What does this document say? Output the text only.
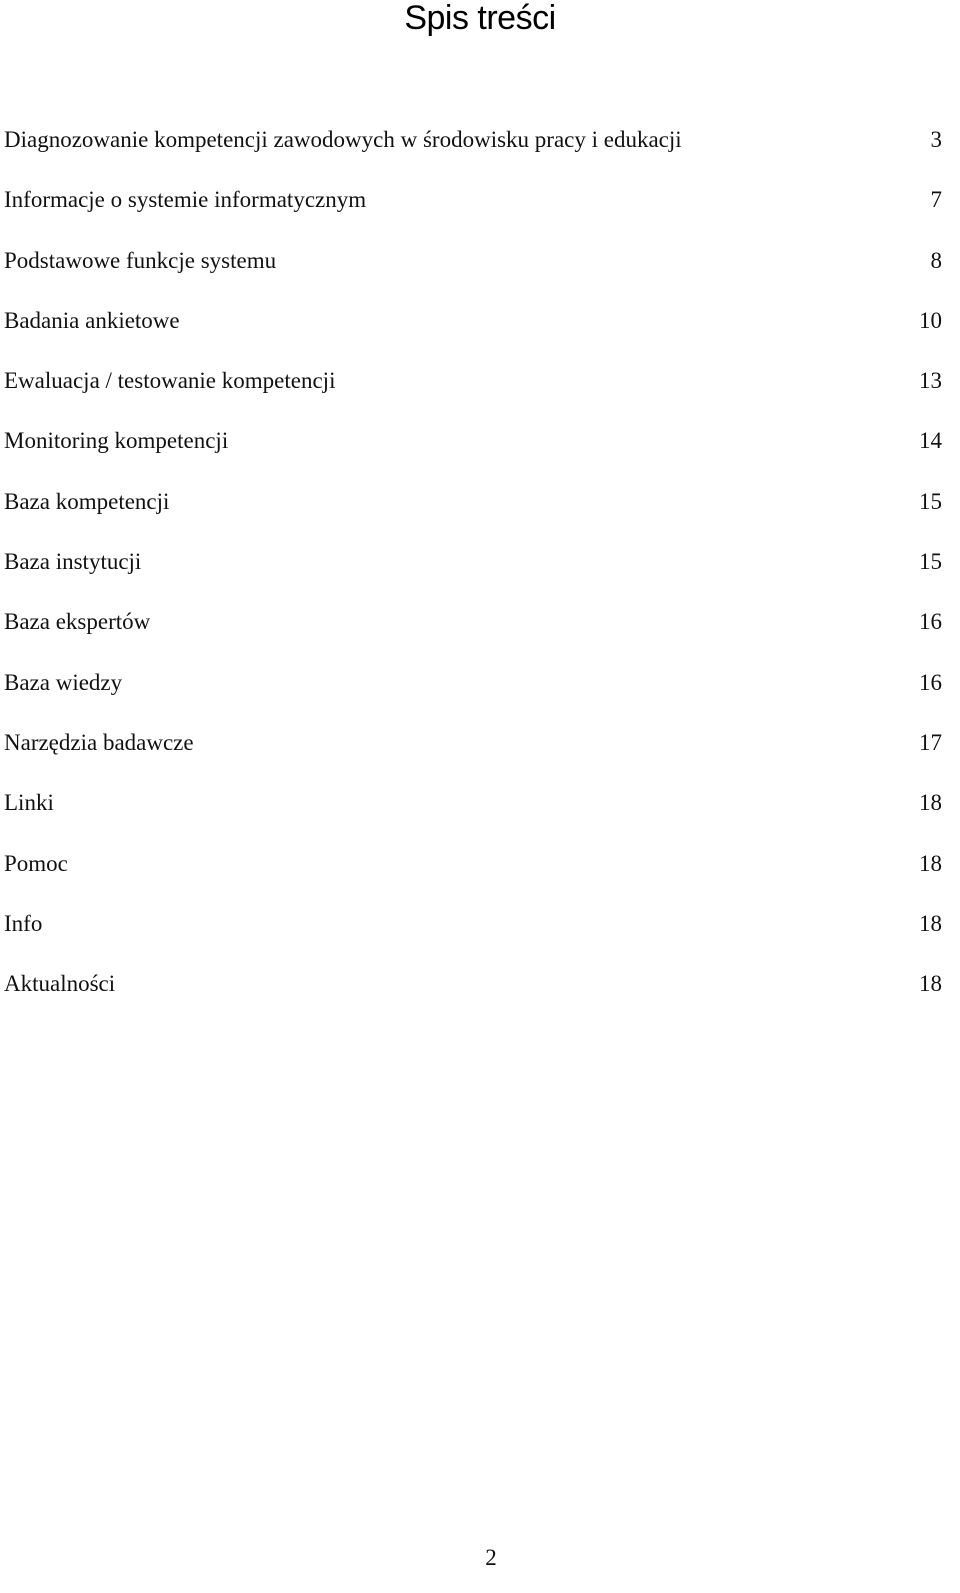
Spis treści
Diagnozowanie kompetencji zawodowych w środowisku pracy i edukacji	3
Informacje o systemie informatycznym	7
Podstawowe funkcje systemu	8
Badania ankietowe	10
Ewaluacja / testowanie kompetencji	13
Monitoring kompetencji	14
Baza kompetencji	15
Baza instytucji	15
Baza ekspertów	16
Baza wiedzy	16
Narzędzia badawcze	17
Linki	18
Pomoc	18
Info	18
Aktualności	18
2
